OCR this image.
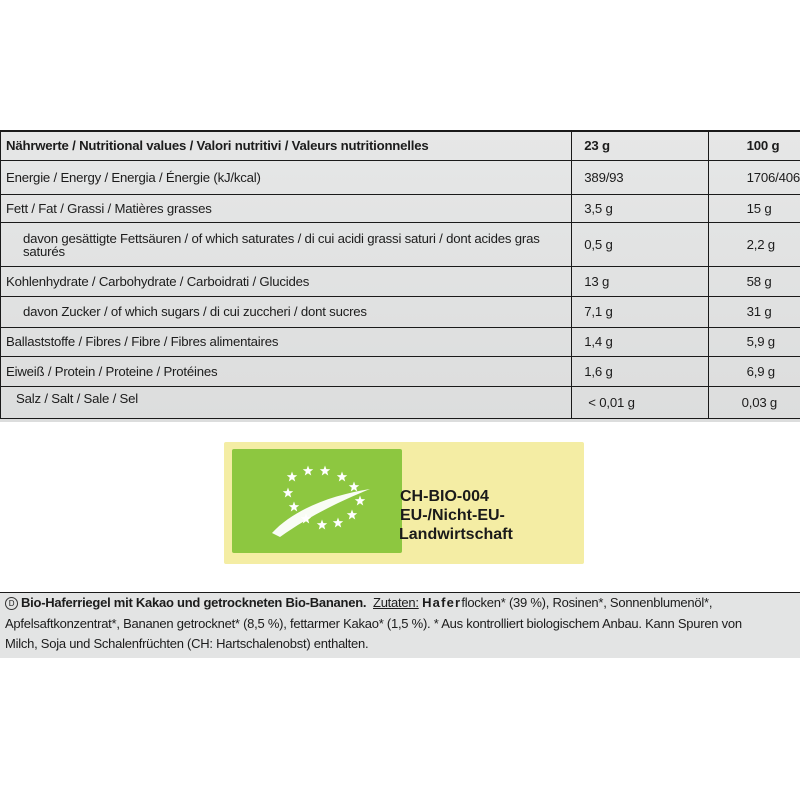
Nährwerte / Nutritional values / Valori nutritivi / Valeurs nutritionnelles	23 g	100 g
Energie / Energy / Energia / Énergie (kJ/kcal)	389/93	1706/406
Fett / Fat / Grassi / Matières grasses	3,5 g	15 g
davon gesättigte Fettsäuren / of which saturates / di cui acidi grassi saturi / dont acides gras saturés	0,5 g	2,2 g
Kohlenhydrate / Carbohydrate / Carboidrati / Glucides	13 g	58 g
davon Zucker / of which sugars / di cui zuccheri / dont sucres	7,1 g	31 g
Ballaststoffe / Fibres / Fibre / Fibres alimentaires	1,4 g	5,9 g
Eiweiß / Protein / Proteine / Protéines	1,6 g	6,9 g
Salz / Salt / Sale / Sel	< 0,01 g	0,03 g
CH-BIO-004
EU-/Nicht-EU-
Landwirtschaft
D Bio-Haferriegel mit Kakao und getrockneten Bio-Bananen. Zutaten: Haferflocken* (39 %), Rosinen*, Sonnenblumenöl*,
Apfelsaftkonzentrat*, Bananen getrocknet* (8,5 %), fettarmer Kakao* (1,5 %). * Aus kontrolliert biologischem Anbau. Kann Spuren von
Milch, Soja und Schalenfrüchten (CH: Hartschalenobst) enthalten.
